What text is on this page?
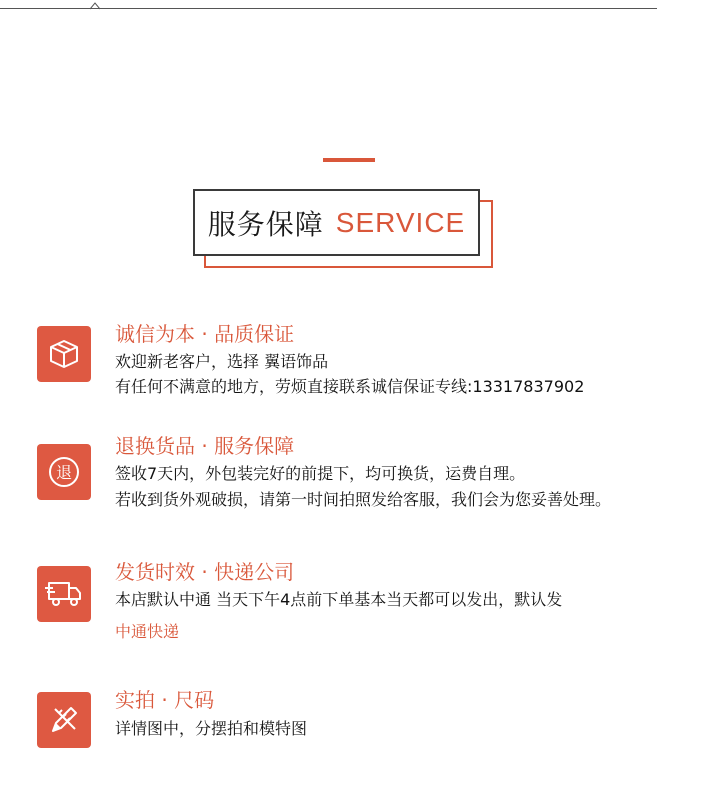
服务保障 SERVICE
诚信为本 · 品质保证
欢迎新老客户，选择 翼语饰品
有任何不满意的地方，劳烦直接联系诚信保证专线:13317837902
退
退换货品 · 服务保障
签收7天内，外包装完好的前提下，均可换货，运费自理。
若收到货外观破损，请第一时间拍照发给客服，我们会为您妥善处理。
发货时效 · 快递公司
本店默认中通 当天下午4点前下单基本当天都可以发出，默认发
中通快递
实拍 · 尺码
详情图中，分摆拍和模特图
